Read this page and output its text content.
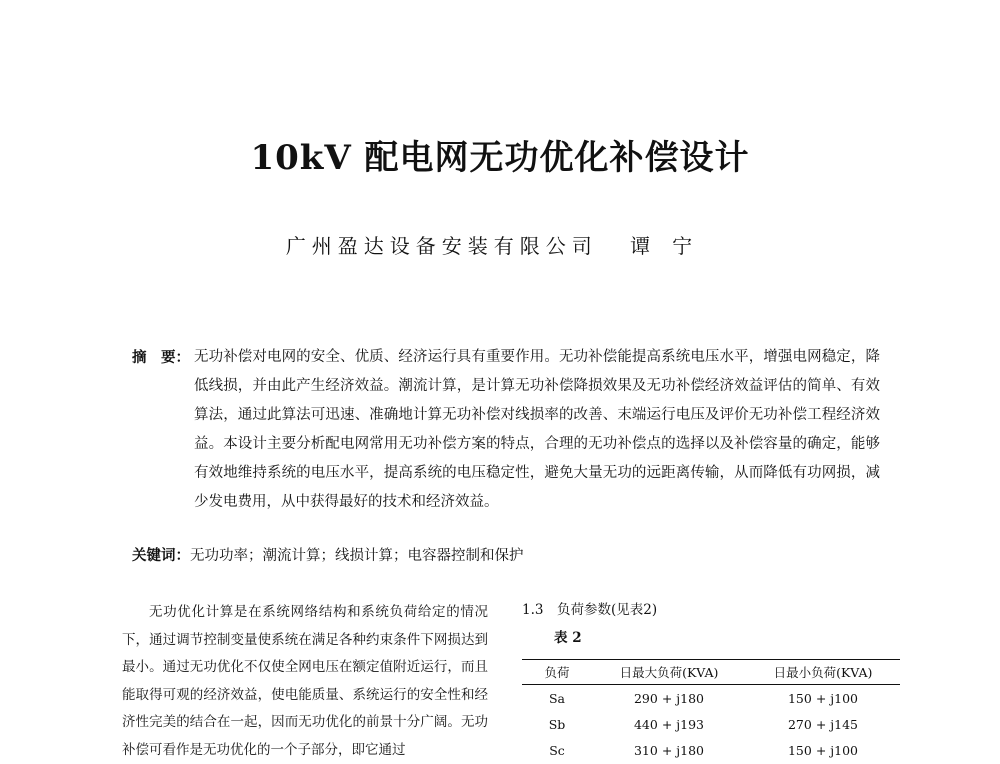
10kV 配电网无功优化补偿设计
广州盈达设备安装有限公司 谭宁
摘　要： 无功补偿对电网的安全、优质、经济运行具有重要作用。无功补偿能提高系统电压水平，增强电网稳定，降低线损，并由此产生经济效益。潮流计算，是计算无功补偿降损效果及无功补偿经济效益评估的简单、有效算法，通过此算法可迅速、准确地计算无功补偿对线损率的改善、末端运行电压及评价无功补偿工程经济效益。本设计主要分析配电网常用无功补偿方案的特点，合理的无功补偿点的选择以及补偿容量的确定，能够有效地维持系统的电压水平，提高系统的电压稳定性，避免大量无功的远距离传输，从而降低有功网损，减少发电费用，从中获得最好的技术和经济效益。
关键词：无功功率；潮流计算；线损计算；电容器控制和保护
无功优化计算是在系统网络结构和系统负荷给定的情况下，通过调节控制变量使系统在满足各种约束条件下网损达到最小。通过无功优化不仅使全网电压在额定值附近运行，而且能取得可观的经济效益，使电能质量、系统运行的安全性和经济性完美的结合在一起，因而无功优化的前景十分广阔。无功补偿可看作是无功优化的一个子部分，即它通过
1.3　负荷参数(见表2)
表 2
负荷	日最大负荷(KVA)	日最小负荷(KVA)
Sa	290 + j180	150 + j100
Sb	440 + j193	270 + j145
Sc	310 + j180	150 + j100
